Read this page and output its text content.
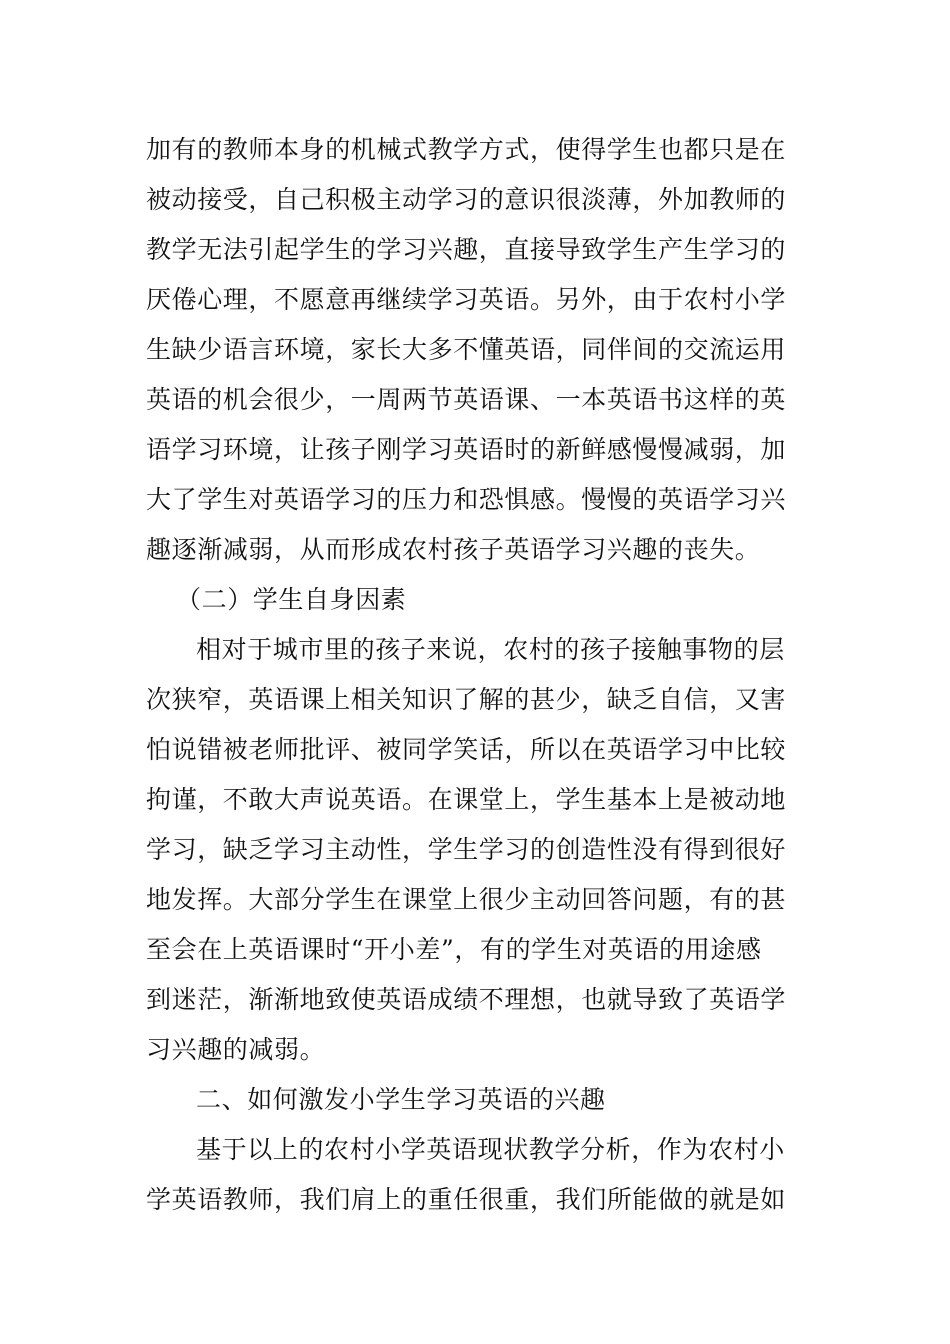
加有的教师本身的机械式教学方式，使得学生也都只是在
被动接受，自己积极主动学习的意识很淡薄，外加教师的
教学无法引起学生的学习兴趣，直接导致学生产生学习的
厌倦心理，不愿意再继续学习英语。另外，由于农村小学
生缺少语言环境，家长大多不懂英语，同伴间的交流运用
英语的机会很少，一周两节英语课、一本英语书这样的英
语学习环境，让孩子刚学习英语时的新鲜感慢慢减弱，加
大了学生对英语学习的压力和恐惧感。慢慢的英语学习兴
趣逐渐减弱，从而形成农村孩子英语学习兴趣的丧失。
（二）学生自身因素
相对于城市里的孩子来说，农村的孩子接触事物的层
次狭窄，英语课上相关知识了解的甚少，缺乏自信，又害
怕说错被老师批评、被同学笑话，所以在英语学习中比较
拘谨，不敢大声说英语。在课堂上，学生基本上是被动地
学习，缺乏学习主动性，学生学习的创造性没有得到很好
地发挥。大部分学生在课堂上很少主动回答问题，有的甚
至会在上英语课时“开小差”，有的学生对英语的用途感
到迷茫，渐渐地致使英语成绩不理想，也就导致了英语学
习兴趣的减弱。
二、如何激发小学生学习英语的兴趣
基于以上的农村小学英语现状教学分析，作为农村小
学英语教师，我们肩上的重任很重，我们所能做的就是如
